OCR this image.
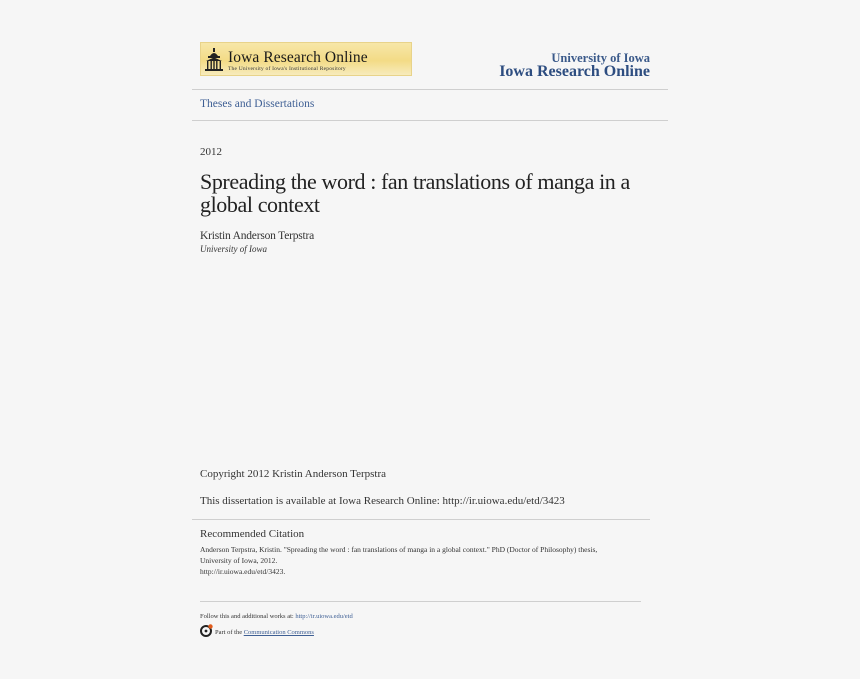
Iowa Research Online
The University of Iowa's Institutional Repository
University of Iowa
Iowa Research Online
Theses and Dissertations
2012
Spreading the word : fan translations of manga in a global context
Kristin Anderson Terpstra
University of Iowa
Copyright 2012 Kristin Anderson Terpstra
This dissertation is available at Iowa Research Online: http://ir.uiowa.edu/etd/3423
Recommended Citation
Anderson Terpstra, Kristin. "Spreading the word : fan translations of manga in a global context." PhD (Doctor of Philosophy) thesis,
University of Iowa, 2012.
http://ir.uiowa.edu/etd/3423.
Follow this and additional works at: http://ir.uiowa.edu/etd
Part of the Communication Commons
